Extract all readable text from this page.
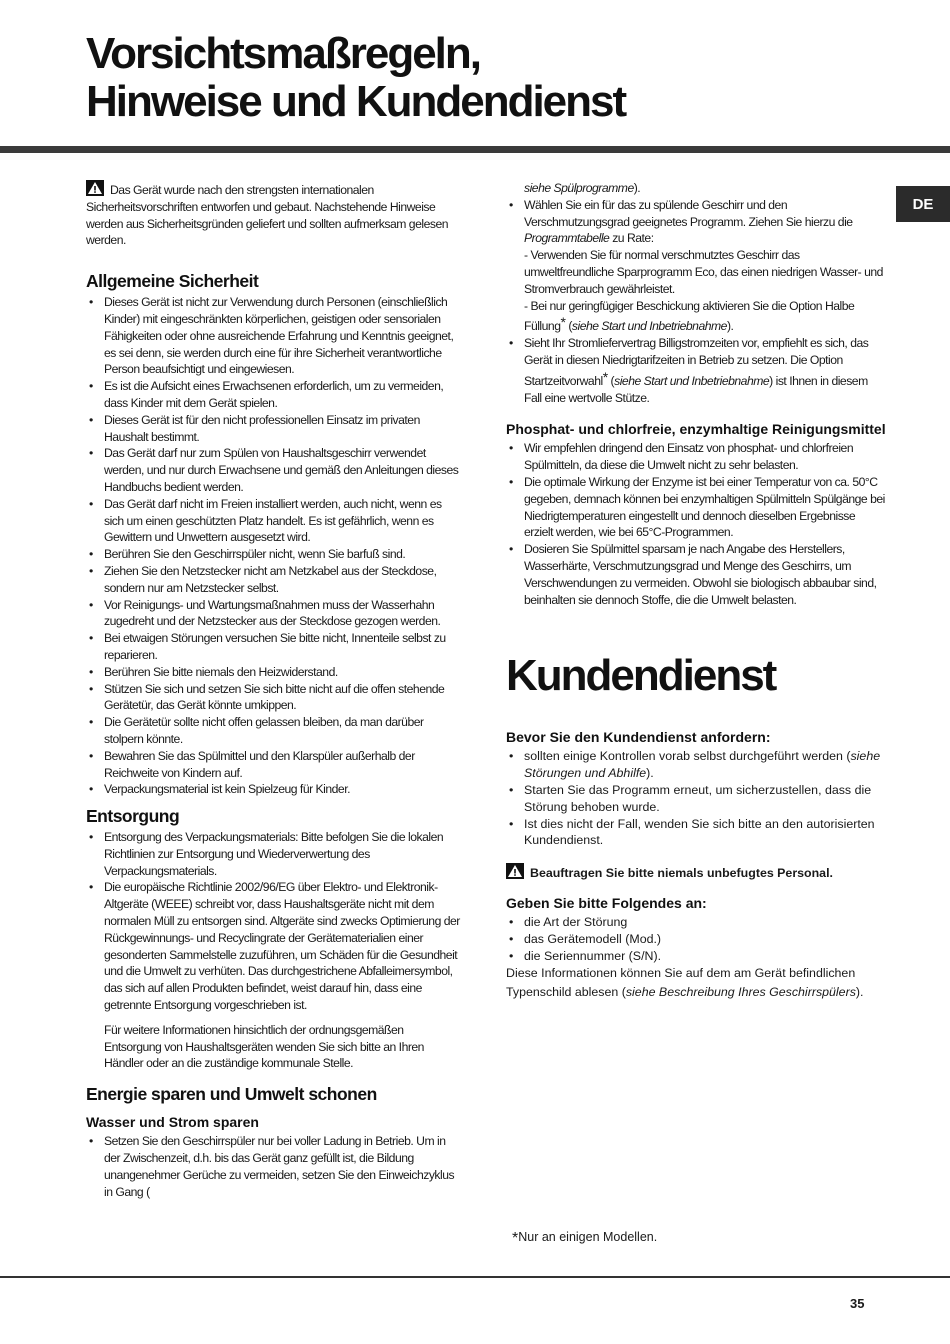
Vorsichtsmaßregeln,
Hinweise und Kundendienst
DE

Das Gerät wurde nach den strengsten internationalen Sicherheitsvorschriften entworfen und gebaut. Nachstehende Hinweise werden aus Sicherheitsgründen geliefert und sollten aufmerksam gelesen werden.

Allgemeine Sicherheit
• Dieses Gerät ist nicht zur Verwendung durch Personen (einschließlich Kinder) mit eingeschränkten körperlichen, geistigen oder sensorialen Fähigkeiten oder ohne ausreichende Erfahrung und Kenntnis geeignet, es sei denn, sie werden durch eine für ihre Sicherheit verantwortliche Person beaufsichtigt und eingewiesen.
• Es ist die Aufsicht eines Erwachsenen erforderlich, um zu vermeiden, dass Kinder mit dem Gerät spielen.
• Dieses Gerät ist für den nicht professionellen Einsatz im privaten Haushalt bestimmt.
• Das Gerät darf nur zum Spülen von Haushaltsgeschirr verwendet werden, und nur durch Erwachsene und gemäß den Anleitungen dieses Handbuchs bedient werden.
• Das Gerät darf nicht im Freien installiert werden, auch nicht, wenn es sich um einen geschützten Platz handelt. Es ist gefährlich, wenn es Gewittern und Unwettern ausgesetzt wird.
• Berühren Sie den Geschirrspüler nicht, wenn Sie barfuß sind.
• Ziehen Sie den Netzstecker nicht am Netzkabel aus der Steckdose, sondern nur am Netzstecker selbst.
• Vor Reinigungs- und Wartungsmaßnahmen muss der Wasserhahn zugedreht und der Netzstecker aus der Steckdose gezogen werden.
• Bei etwaigen Störungen versuchen Sie bitte nicht, Innenteile selbst zu reparieren.
• Berühren Sie bitte niemals den Heizwiderstand.
• Stützen Sie sich und setzen Sie sich bitte nicht auf die offen stehende Gerätetür, das Gerät könnte umkippen.
• Die Gerätetür sollte nicht offen gelassen bleiben, da man darüber stolpern könnte.
• Bewahren Sie das Spülmittel und den Klarspüler außerhalb der Reichweite von Kindern auf.
• Verpackungsmaterial ist kein Spielzeug für Kinder.
Entsorgung
• Entsorgung des Verpackungsmaterials: Bitte befolgen Sie die lokalen Richtlinien zur Entsorgung und Wiederverwertung des Verpackungsmaterials.
• Die europäische Richtlinie 2002/96/EG über Elektro- und Elektronik-Altgeräte (WEEE) schreibt vor, dass Haushaltsgeräte nicht mit dem normalen Müll zu entsorgen sind. Altgeräte sind zwecks Optimierung der Rückgewinnungs- und Recyclingrate der Gerätematerialien einer gesonderten Sammelstelle zuzuführen, um Schäden für die Gesundheit und die Umwelt zu verhüten. Das durchgestrichene Abfalleimersymbol, das sich auf allen Produkten befindet, weist darauf hin, dass eine getrennte Entsorgung vorgeschrieben ist.
Für weitere Informationen hinsichtlich der ordnungsgemäßen Entsorgung von Haushaltsgeräten wenden Sie sich bitte an Ihren Händler oder an die zuständige kommunale Stelle.
Energie sparen und Umwelt schonen
Wasser und Strom sparen
• Setzen Sie den Geschirrspüler nur bei voller Ladung in Betrieb. Um in der Zwischenzeit, d.h. bis das Gerät ganz gefüllt ist, die Bildung unangenehmer Gerüche zu vermeiden, setzen Sie den Einweichzyklus in Gang (
siehe Spülprogramme).
• Wählen Sie ein für das zu spülende Geschirr und den Verschmutzungsgrad geeignetes Programm. Ziehen Sie hierzu die Programmtabelle zu Rate:
- Verwenden Sie für normal verschmutztes Geschirr das umweltfreundliche Sparprogramm Eco, das einen niedrigen Wasser- und Stromverbrauch gewährleistet.
- Bei nur geringfügiger Beschickung aktivieren Sie die Option Halbe Füllung* (siehe Start und Inbetriebnahme).
• Sieht Ihr Stromliefervertrag Billigstromzeiten vor, empfiehlt es sich, das Gerät in diesen Niedrigtarifzeiten in Betrieb zu setzen. Die Option Startzeitvorwahl* (siehe Start und Inbetriebnahme) ist Ihnen in diesem Fall eine wertvolle Stütze.
Phosphat- und chlorfreie, enzymhaltige Reinigungsmittel
• Wir empfehlen dringend den Einsatz von phosphat- und chlorfreien Spülmitteln, da diese die Umwelt nicht zu sehr belasten.
• Die optimale Wirkung der Enzyme ist bei einer Temperatur von ca. 50°C gegeben, demnach können bei enzymhaltigen Spülmitteln Spülgänge bei Niedrigtemperaturen eingestellt und dennoch dieselben Ergebnisse erzielt werden, wie bei 65°C-Programmen.
• Dosieren Sie Spülmittel sparsam je nach Angabe des Herstellers, Wasserhärte, Verschmutzungsgrad und Menge des Geschirrs, um Verschwendungen zu vermeiden. Obwohl sie biologisch abbaubar sind, beinhalten sie dennoch Stoffe, die die Umwelt belasten.
Kundendienst
Bevor Sie den Kundendienst anfordern:
• sollten einige Kontrollen vorab selbst durchgeführt werden (siehe Störungen und Abhilfe).
• Starten Sie das Programm erneut, um sicherzustellen, dass die Störung behoben wurde.
• Ist dies nicht der Fall, wenden Sie sich bitte an den autorisierten Kundendienst.

Beauftragen Sie bitte niemals unbefugtes Personal.

Geben Sie bitte Folgendes an:
• die Art der Störung
• das Gerätemodell (Mod.)
• die Seriennummer (S/N).

Diese Informationen können Sie auf dem am Gerät befindlichen Typenschild ablesen (siehe Beschreibung Ihres Geschirrspülers).

*Nur an einigen Modellen.
35
